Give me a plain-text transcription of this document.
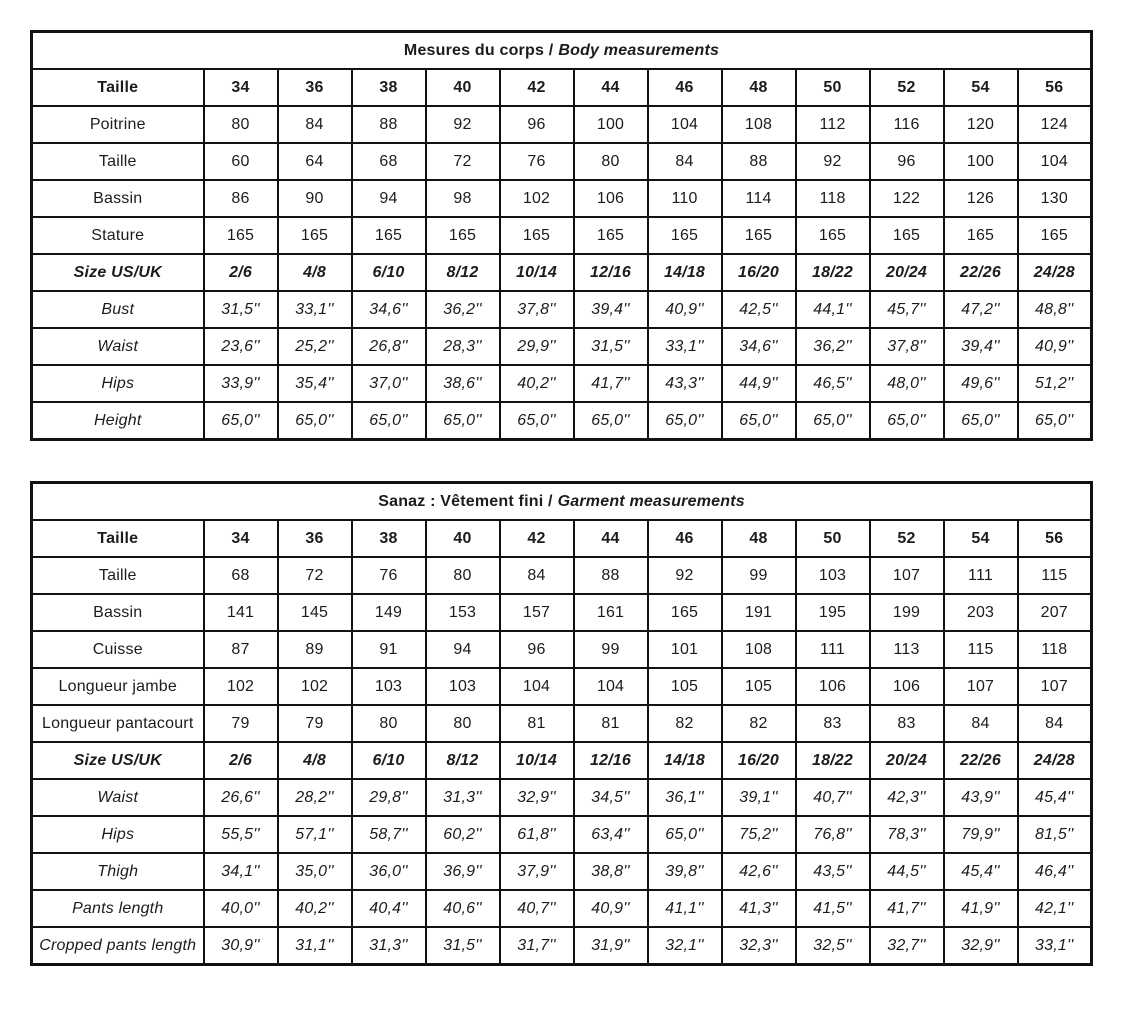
Mesures du corps / Body measurements												
Taille	34	36	38	40	42	44	46	48	50	52	54	56
Poitrine	80	84	88	92	96	100	104	108	112	116	120	124
Taille	60	64	68	72	76	80	84	88	92	96	100	104
Bassin	86	90	94	98	102	106	110	114	118	122	126	130
Stature	165	165	165	165	165	165	165	165	165	165	165	165
Size US/UK	2/6	4/8	6/10	8/12	10/14	12/16	14/18	16/20	18/22	20/24	22/26	24/28
Bust	31,5''	33,1''	34,6''	36,2''	37,8''	39,4''	40,9''	42,5''	44,1''	45,7''	47,2''	48,8''
Waist	23,6''	25,2''	26,8''	28,3''	29,9''	31,5''	33,1''	34,6''	36,2''	37,8''	39,4''	40,9''
Hips	33,9''	35,4''	37,0''	38,6''	40,2''	41,7''	43,3''	44,9''	46,5''	48,0''	49,6''	51,2''
Height	65,0''	65,0''	65,0''	65,0''	65,0''	65,0''	65,0''	65,0''	65,0''	65,0''	65,0''	65,0''
Sanaz : Vêtement fini / Garment measurements												
Taille	34	36	38	40	42	44	46	48	50	52	54	56
Taille	68	72	76	80	84	88	92	99	103	107	111	115
Bassin	141	145	149	153	157	161	165	191	195	199	203	207
Cuisse	87	89	91	94	96	99	101	108	111	113	115	118
Longueur jambe	102	102	103	103	104	104	105	105	106	106	107	107
Longueur pantacourt	79	79	80	80	81	81	82	82	83	83	84	84
Size US/UK	2/6	4/8	6/10	8/12	10/14	12/16	14/18	16/20	18/22	20/24	22/26	24/28
Waist	26,6''	28,2''	29,8''	31,3''	32,9''	34,5''	36,1''	39,1''	40,7''	42,3''	43,9''	45,4''
Hips	55,5''	57,1''	58,7''	60,2''	61,8''	63,4''	65,0''	75,2''	76,8''	78,3''	79,9''	81,5''
Thigh	34,1''	35,0''	36,0''	36,9''	37,9''	38,8''	39,8''	42,6''	43,5''	44,5''	45,4''	46,4''
Pants length	40,0''	40,2''	40,4''	40,6''	40,7''	40,9''	41,1''	41,3''	41,5''	41,7''	41,9''	42,1''
Cropped pants length	30,9''	31,1''	31,3''	31,5''	31,7''	31,9''	32,1''	32,3''	32,5''	32,7''	32,9''	33,1''
